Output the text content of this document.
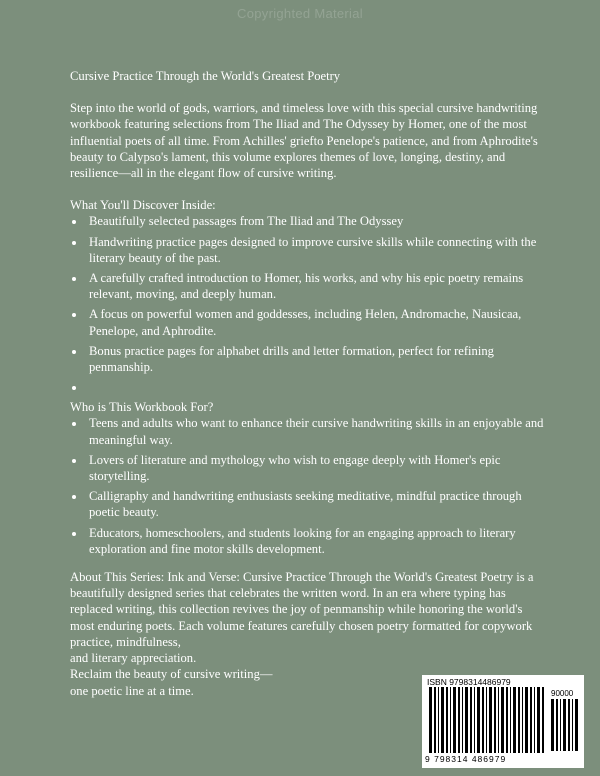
Copyrighted Material

Cursive Practice Through the World's Greatest Poetry

Step into the world of gods, warriors, and timeless love with this special cursive handwriting workbook featuring selections from The Iliad and The Odyssey by Homer, one of the most influential poets of all time. From Achilles' griefto Penelope's patience, and from Aphrodite's beauty to Calypso's lament, this volume explores themes of love, longing, destiny, and resilience—all in the elegant flow of cursive writing.

What You'll Discover Inside:

• Beautifully selected passages from The Iliad and The Odyssey
• Handwriting practice pages designed to improve cursive skills while connecting with the literary beauty of the past.
• A carefully crafted introduction to Homer, his works, and why his epic poetry remains relevant, moving, and deeply human.
• A focus on powerful women and goddesses, including Helen, Andromache, Nausicaa, Penelope, and Aphrodite.
• Bonus practice pages for alphabet drills and letter formation, perfect for refining penmanship.
•

Who is This Workbook For?

• Teens and adults who want to enhance their cursive handwriting skills in an enjoyable and meaningful way.
• Lovers of literature and mythology who wish to engage deeply with Homer's epic storytelling.
• Calligraphy and handwriting enthusiasts seeking meditative, mindful practice through poetic beauty.
• Educators, homeschoolers, and students looking for an engaging approach to literary exploration and fine motor skills development.

About This Series: Ink and Verse: Cursive Practice Through the World's Greatest Poetry is a beautifully designed series that celebrates the written word. In an era where typing has replaced writing, this collection revives the joy of penmanship while honoring the world's most enduring poets. Each volume features carefully chosen poetry formatted for copywork practice, mindfulness,

and literary appreciation.

Reclaim the beauty of cursive writing—

one poetic line at a time.

ISBN 9798314486979
90000
9 798314 486979
